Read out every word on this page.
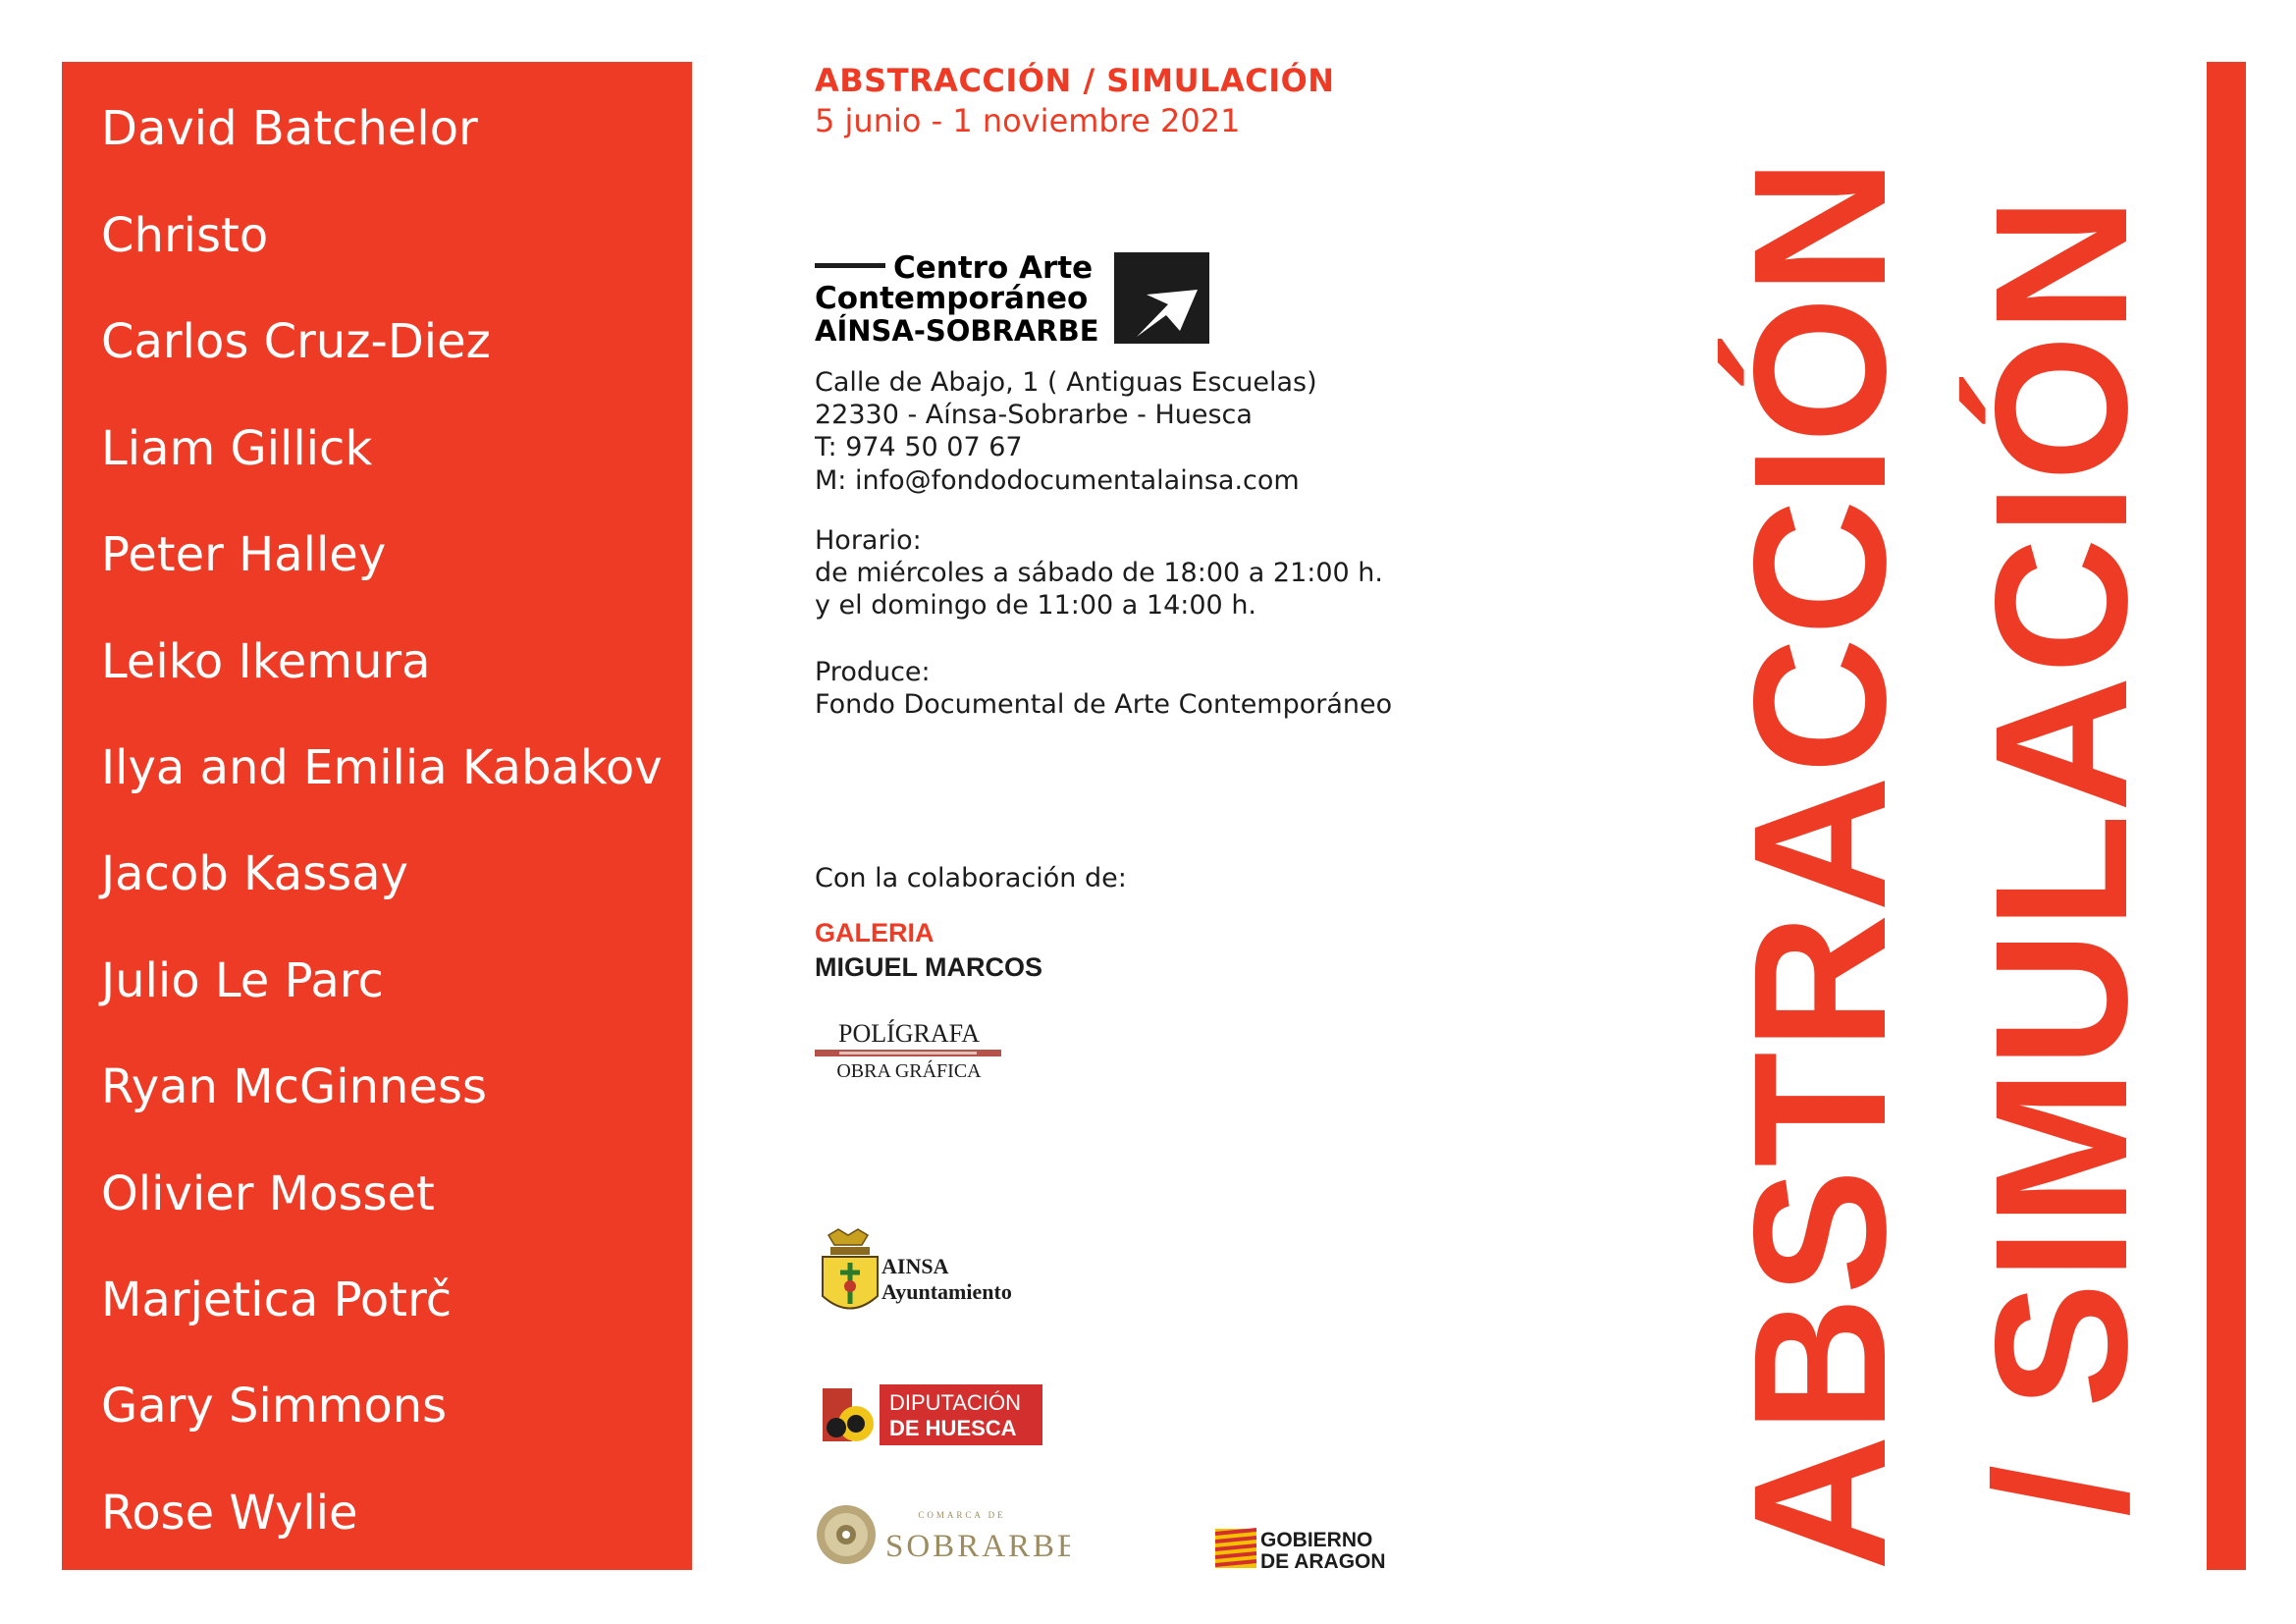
David Batchelor
Christo
Carlos Cruz-Diez
Liam Gillick
Peter Halley
Leiko Ikemura
Ilya and Emilia Kabakov
Jacob Kassay
Julio Le Parc
Ryan McGinness
Olivier Mosset
Marjetica Potrč
Gary Simmons
Rose Wylie
ABSTRACCIÓN / SIMULACIÓN
5 junio - 1 noviembre 2021
Centro Arte
Contemporáneo
AÍNSA-SOBRARBE
Calle de Abajo, 1 ( Antiguas Escuelas)
22330 - Aínsa-Sobrarbe - Huesca
T: 974 50 07 67
M: info@fondodocumentalainsa.com
Horario:
de miércoles a sábado de 18:00 a 21:00 h.
y el domingo de 11:00 a 14:00 h.
Produce:
Fondo Documental de Arte Contemporáneo
Con la colaboración de:
GALERIA
MIGUEL MARCOS
POLÍGRAFA
OBRA GRÁFICA
AINSA
Ayuntamiento
DIPUTACIÓN
DE HUESCA
COMARCA DE
SOBRARBE	GOBIERNO
DE ARAGON ABSTRACCIÓN / SIMULACIÓN
